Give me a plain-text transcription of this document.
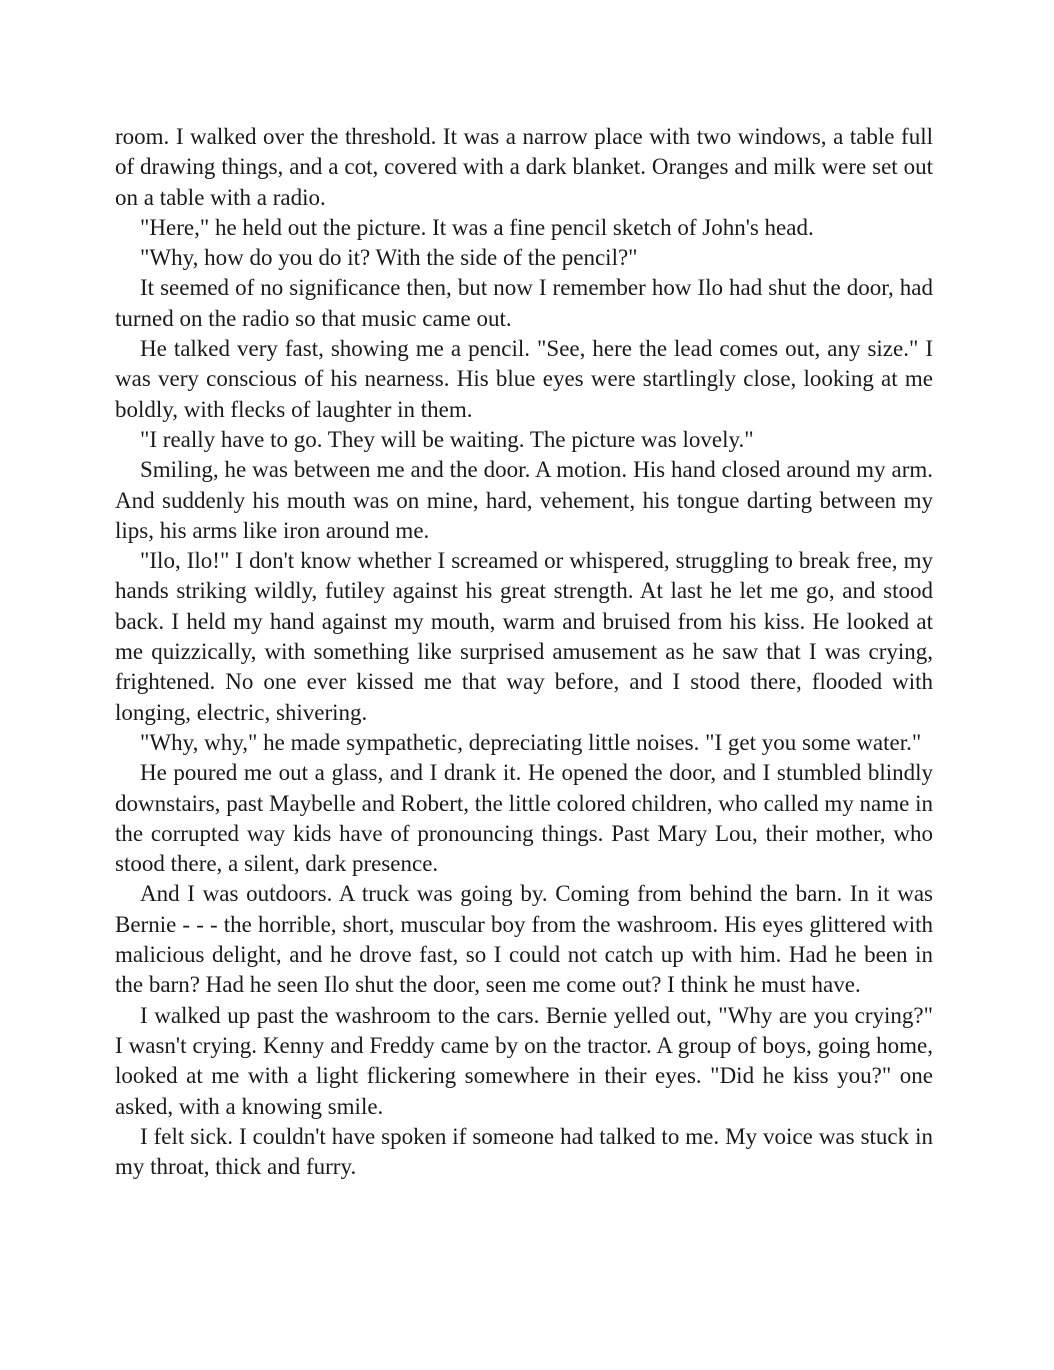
room. I walked over the threshold. It was a narrow place with two windows, a table full of drawing things, and a cot, covered with a dark blanket. Oranges and milk were set out on a table with a radio.

"Here," he held out the picture. It was a fine pencil sketch of John's head.

"Why, how do you do it? With the side of the pencil?"

It seemed of no significance then, but now I remember how Ilo had shut the door, had turned on the radio so that music came out.

He talked very fast, showing me a pencil. "See, here the lead comes out, any size." I was very conscious of his nearness. His blue eyes were startlingly close, looking at me boldly, with flecks of laughter in them.

"I really have to go. They will be waiting. The picture was lovely."

Smiling, he was between me and the door. A motion. His hand closed around my arm. And suddenly his mouth was on mine, hard, vehement, his tongue darting between my lips, his arms like iron around me.

"Ilo, Ilo!" I don't know whether I screamed or whispered, struggling to break free, my hands striking wildly, futiley against his great strength. At last he let me go, and stood back. I held my hand against my mouth, warm and bruised from his kiss. He looked at me quizzically, with something like surprised amusement as he saw that I was crying, frightened. No one ever kissed me that way before, and I stood there, flooded with longing, electric, shivering.

"Why, why," he made sympathetic, depreciating little noises. "I get you some water."

He poured me out a glass, and I drank it. He opened the door, and I stumbled blindly downstairs, past Maybelle and Robert, the little colored children, who called my name in the corrupted way kids have of pronouncing things. Past Mary Lou, their mother, who stood there, a silent, dark presence.

And I was outdoors. A truck was going by. Coming from behind the barn. In it was Bernie - - - the horrible, short, muscular boy from the washroom. His eyes glittered with malicious delight, and he drove fast, so I could not catch up with him. Had he been in the barn? Had he seen Ilo shut the door, seen me come out? I think he must have.

I walked up past the washroom to the cars. Bernie yelled out, "Why are you crying?" I wasn't crying. Kenny and Freddy came by on the tractor. A group of boys, going home, looked at me with a light flickering somewhere in their eyes. "Did he kiss you?" one asked, with a knowing smile.

I felt sick. I couldn't have spoken if someone had talked to me. My voice was stuck in my throat, thick and furry.
